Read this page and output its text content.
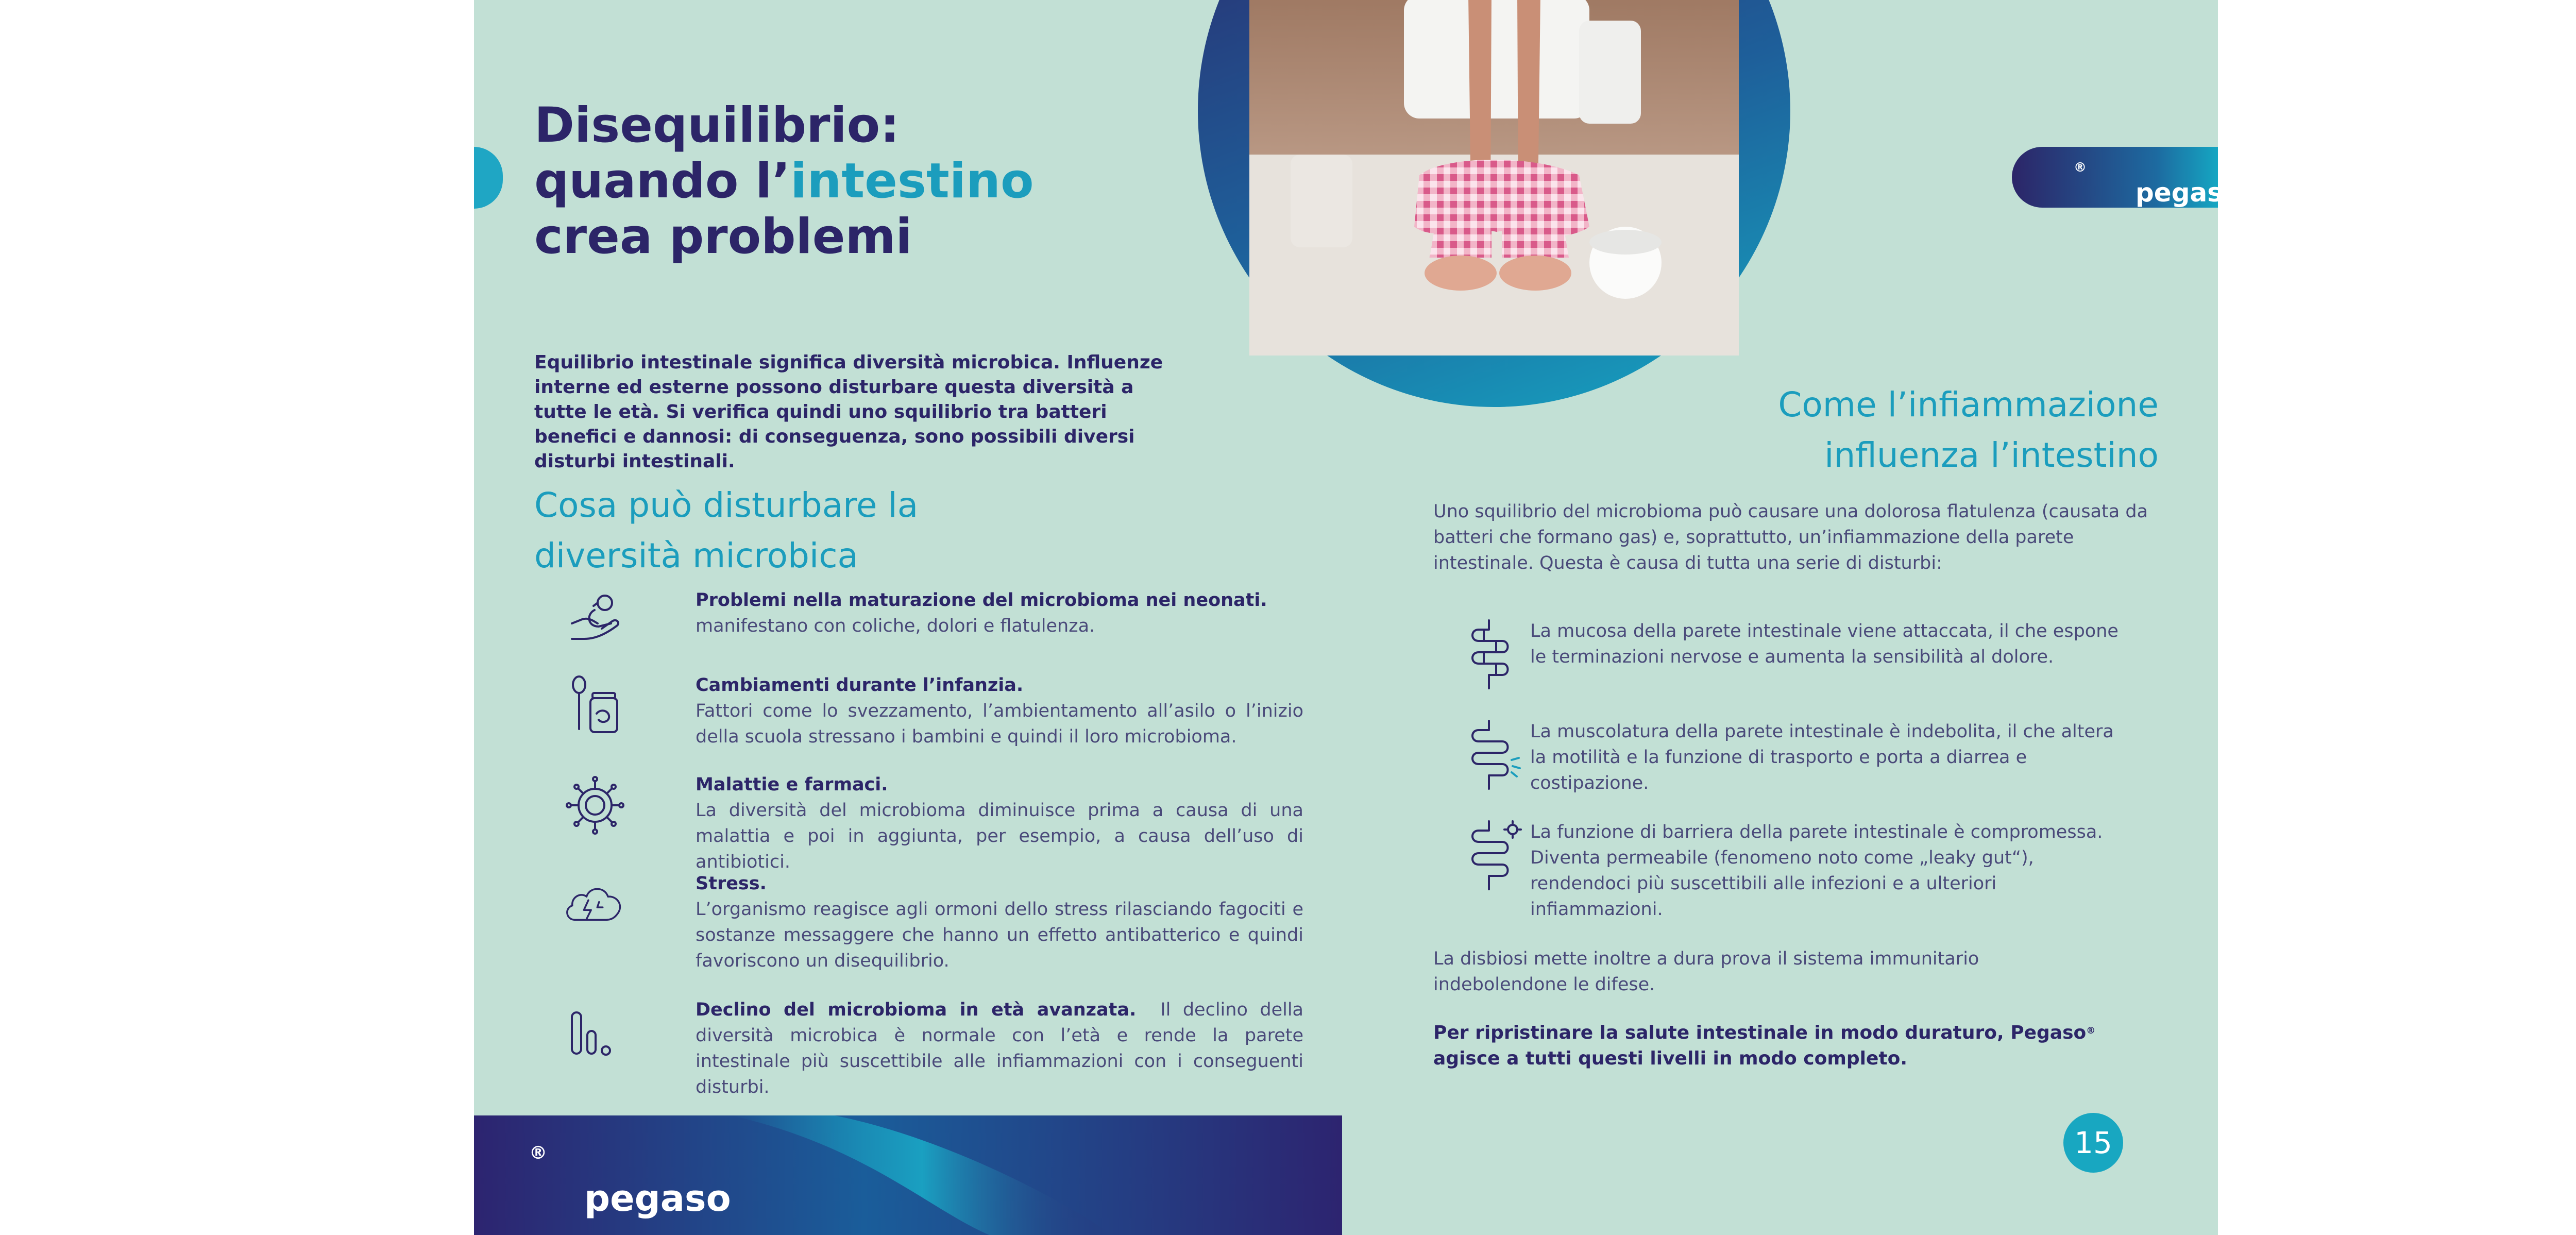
Disequilibrio:
quando l’intestino
crea problemi

Equilibrio intestinale significa diversità microbica. Influenze interne ed esterne possono disturbare questa diversità a tutte le età. Si verifica quindi uno squilibrio tra batteri benefici e dannosi: di conseguenza, sono possibili diversi disturbi intestinali.

Cosa può disturbare la
diversità microbica

Problemi nella maturazione del microbioma nei neonati.
manifestano con coliche, dolori e flatulenza.

Cambiamenti durante l’infanzia.
Fattori come lo svezzamento, l’ambientamento all’asilo o l’inizio della scuola stressano i bambini e quindi il loro microbioma.

Malattie e farmaci.
La diversità del microbioma diminuisce prima a causa di una malattia e poi in aggiunta, per esempio, a causa dell’uso di antibiotici.

Stress.
L’organismo reagisce agli ormoni dello stress rilasciando fagociti e sostanze messaggere che hanno un effetto antibatterico e quindi favoriscono un disequilibrio.

Declino del microbioma in età avanzata. Il declino della diversità microbica è normale con l’età e rende la parete intestinale più suscettibile alle infiammazioni con i conseguenti disturbi.

pegaso
®
pegaso
®
Come l’infiammazione
influenza l’intestino

Uno squilibrio del microbioma può causare una dolorosa flatulenza (causata da batteri che formano gas) e, soprattutto, un’infiammazione della parete intestinale. Questa è causa di tutta una serie di disturbi:

La mucosa della parete intestinale viene attaccata, il che espone le terminazioni nervose e aumenta la sensibilità al dolore.

La muscolatura della parete intestinale è indebolita, il che altera la motilità e la funzione di trasporto e porta a diarrea e costipazione.

La funzione di barriera della parete intestinale è compromessa. Diventa permeabile (fenomeno noto come „leaky gut“), rendendoci più suscettibili alle infezioni e a ulteriori infiammazioni.

La disbiosi mette inoltre a dura prova il sistema immunitario indebolendone le difese.

Per ripristinare la salute intestinale in modo duraturo, Pegaso® agisce a tutti questi livelli in modo completo.

15
